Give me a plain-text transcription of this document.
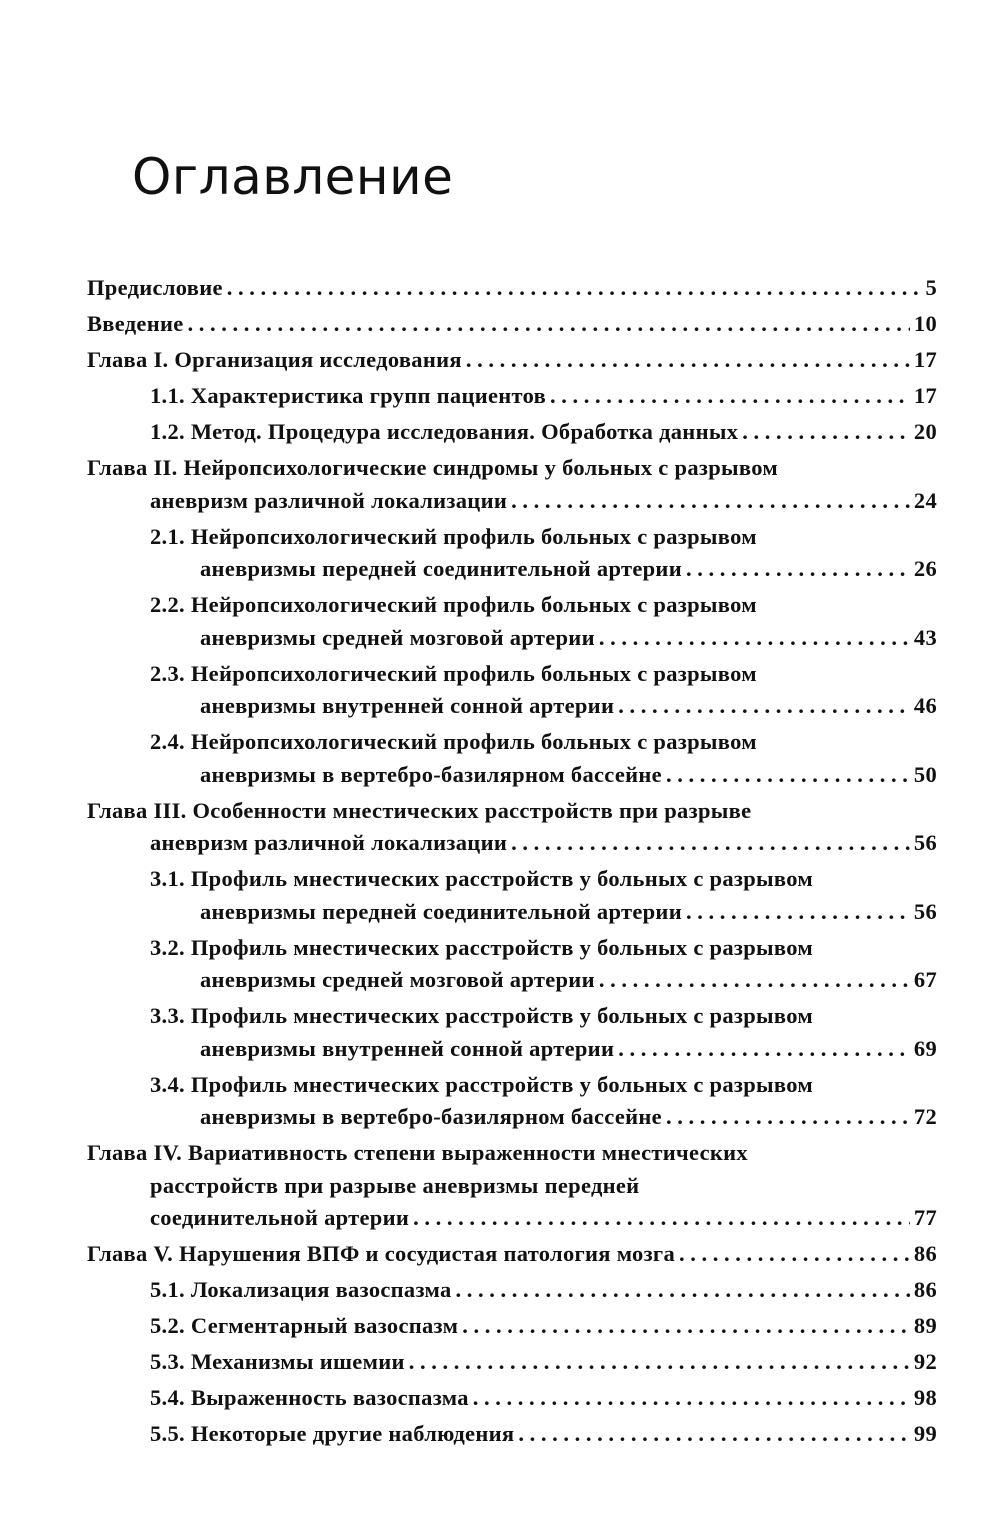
Оглавление
Предисловие . . .	5
Введение . . .	10
Глава I. Организация исследования . . .	17
1.1. Характеристика групп пациентов . . .	17
1.2. Метод. Процедура исследования. Обработка данных . . .	20
Глава II. Нейропсихологические синдромы у больных с разрывом
аневризм различной локализации . . .	24
2.1. Нейропсихологический профиль больных с разрывом
аневризмы передней соединительной артерии . . .	26
2.2. Нейропсихологический профиль больных с разрывом
аневризмы средней мозговой артерии . . .	43
2.3. Нейропсихологический профиль больных с разрывом
аневризмы внутренней сонной артерии . . .	46
2.4. Нейропсихологический профиль больных с разрывом
аневризмы в вертебро-базилярном бассейне . . .	50
Глава III. Особенности мнестических расстройств при разрыве
аневризм различной локализации . . .	56
3.1. Профиль мнестических расстройств у больных с разрывом
аневризмы передней соединительной артерии . . .	56
3.2. Профиль мнестических расстройств у больных с разрывом
аневризмы средней мозговой артерии . . .	67
3.3. Профиль мнестических расстройств у больных с разрывом
аневризмы внутренней сонной артерии . . .	69
3.4. Профиль мнестических расстройств у больных с разрывом
аневризмы в вертебро-базилярном бассейне . . .	72
Глава IV. Вариативность степени выраженности мнестических
расстройств при разрыве аневризмы передней
соединительной артерии . . .	77
Глава V. Нарушения ВПФ и сосудистая патология мозга . . .	86
5.1. Локализация вазоспазма . . .	86
5.2. Сегментарный вазоспазм . . .	89
5.3. Механизмы ишемии . . .	92
5.4. Выраженность вазоспазма . . .	98
5.5. Некоторые другие наблюдения . . .	99
